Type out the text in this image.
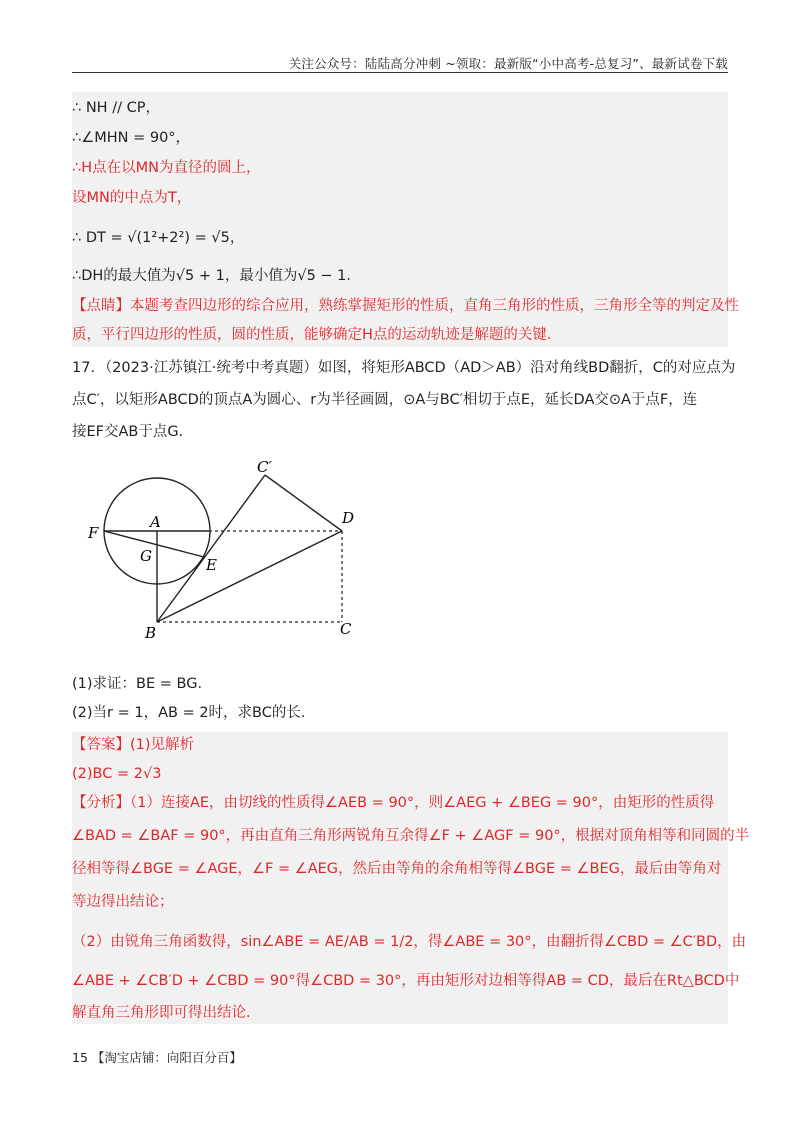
关注公众号：陆陆高分冲刺 ~领取：最新版“小中高考-总复习”、最新试卷下载
∴ NH // CP，
∴∠MHN = 90°，
∴H点在以MN为直径的圆上，
设MN的中点为T，
∴ DT = √(1²+2²) = √5，
∴DH的最大值为√5 + 1，最小值为√5 − 1．
【点睛】本题考查四边形的综合应用，熟练掌握矩形的性质，直角三角形的性质，三角形全等的判定及性
质，平行四边形的性质，圆的性质，能够确定H点的运动轨迹是解题的关键．
17．（2023·江苏镇江·统考中考真题）如图，将矩形ABCD（AD＞AB）沿对角线BD翻折，C的对应点为
点C′，以矩形ABCD的顶点A为圆心、r为半径画圆，⊙A与BC′相切于点E，延长DA交⊙A于点F，连
接EF交AB于点G．
C′
A	D
F
G	E
B	C
(1)求证：BE = BG．
(2)当r = 1，AB = 2时，求BC的长．
【答案】(1)见解析
(2)BC = 2√3
【分析】（1）连接AE，由切线的性质得∠AEB = 90°，则∠AEG + ∠BEG = 90°，由矩形的性质得
∠BAD = ∠BAF = 90°，再由直角三角形两锐角互余得∠F + ∠AGF = 90°，根据对顶角相等和同圆的半
径相等得∠BGE = ∠AGE，∠F = ∠AEG，然后由等角的余角相等得∠BGE = ∠BEG，最后由等角对
等边得出结论；
（2）由锐角三角函数得，sin∠ABE = AE/AB = 1/2，得∠ABE = 30°，由翻折得∠CBD = ∠C′BD，由
∠ABE + ∠CB′D + ∠CBD = 90°得∠CBD = 30°，再由矩形对边相等得AB = CD，最后在Rt△BCD中
解直角三角形即可得出结论．
15 【淘宝店铺：向阳百分百】
